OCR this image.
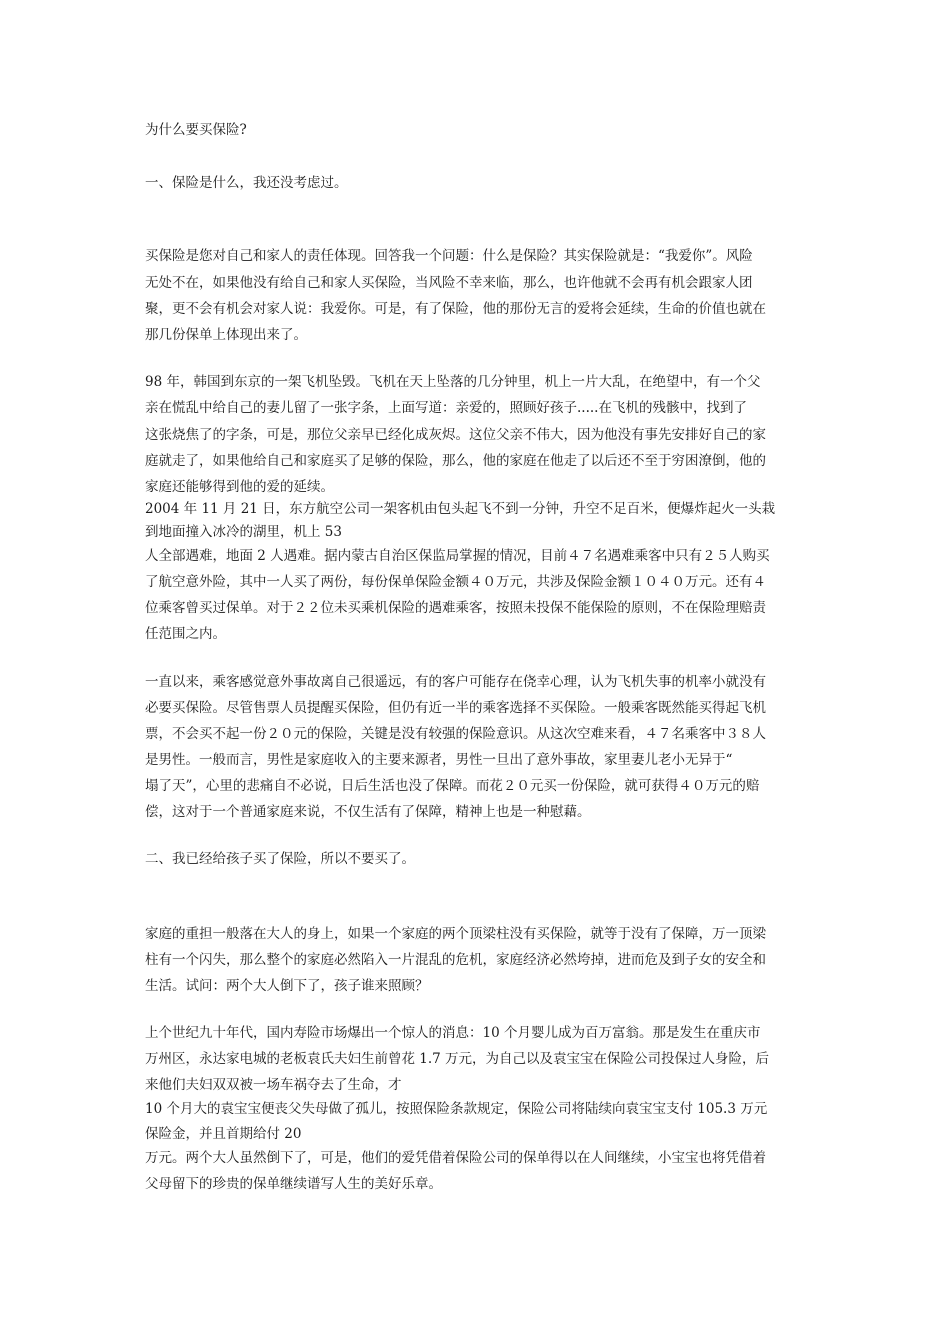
为什么要买保险?
一、保险是什么，我还没考虑过。
买保险是您对自己和家人的责任体现。回答我一个问题：什么是保险？其实保险就是：“我爱你”。风险
无处不在，如果他没有给自己和家人买保险，当风险不幸来临，那么，也许他就不会再有机会跟家人团
聚，更不会有机会对家人说：我爱你。可是，有了保险，他的那份无言的爱将会延续，生命的价值也就在
那几份保单上体现出来了。
98 年，韩国到东京的一架飞机坠毁。飞机在天上坠落的几分钟里，机上一片大乱，在绝望中，有一个父
亲在慌乱中给自己的妻儿留了一张字条，上面写道：亲爱的，照顾好孩子.....在飞机的残骸中，找到了
这张烧焦了的字条，可是，那位父亲早已经化成灰烬。这位父亲不伟大，因为他没有事先安排好自己的家
庭就走了，如果他给自己和家庭买了足够的保险，那么，他的家庭在他走了以后还不至于穷困潦倒，他的
家庭还能够得到他的爱的延续。
2004 年 11 月 21 日，东方航空公司一架客机由包头起飞不到一分钟，升空不足百米，便爆炸起火一头栽
到地面撞入冰冷的湖里，机上 53
人全部遇难，地面 2 人遇难。据内蒙古自治区保监局掌握的情况，目前４７名遇难乘客中只有２５人购买
了航空意外险，其中一人买了两份，每份保单保险金额４０万元，共涉及保险金额１０４０万元。还有４
位乘客曾买过保单。对于２２位未买乘机保险的遇难乘客，按照未投保不能保险的原则，不在保险理赔责
任范围之内。
一直以来，乘客感觉意外事故离自己很遥远，有的客户可能存在侥幸心理，认为飞机失事的机率小就没有
必要买保险。尽管售票人员提醒买保险，但仍有近一半的乘客选择不买保险。一般乘客既然能买得起飞机
票，不会买不起一份２０元的保险，关键是没有较强的保险意识。从这次空难来看，４７名乘客中３８人
是男性。一般而言，男性是家庭收入的主要来源者，男性一旦出了意外事故，家里妻儿老小无异于“
塌了天”，心里的悲痛自不必说，日后生活也没了保障。而花２０元买一份保险，就可获得４０万元的赔
偿，这对于一个普通家庭来说，不仅生活有了保障，精神上也是一种慰藉。
二、我已经给孩子买了保险，所以不要买了。
家庭的重担一般落在大人的身上，如果一个家庭的两个顶梁柱没有买保险，就等于没有了保障，万一顶梁
柱有一个闪失，那么整个的家庭必然陷入一片混乱的危机，家庭经济必然垮掉，进而危及到子女的安全和
生活。试问：两个大人倒下了，孩子谁来照顾？
上个世纪九十年代，国内寿险市场爆出一个惊人的消息：10 个月婴儿成为百万富翁。那是发生在重庆市
万州区，永达家电城的老板袁氏夫妇生前曾花 1.7 万元，为自己以及袁宝宝在保险公司投保过人身险，后
来他们夫妇双双被一场车祸夺去了生命，才
10 个月大的袁宝宝便丧父失母做了孤儿，按照保险条款规定，保险公司将陆续向袁宝宝支付 105.3 万元
保险金，并且首期给付 20
万元。两个大人虽然倒下了，可是，他们的爱凭借着保险公司的保单得以在人间继续，小宝宝也将凭借着
父母留下的珍贵的保单继续谱写人生的美好乐章。
